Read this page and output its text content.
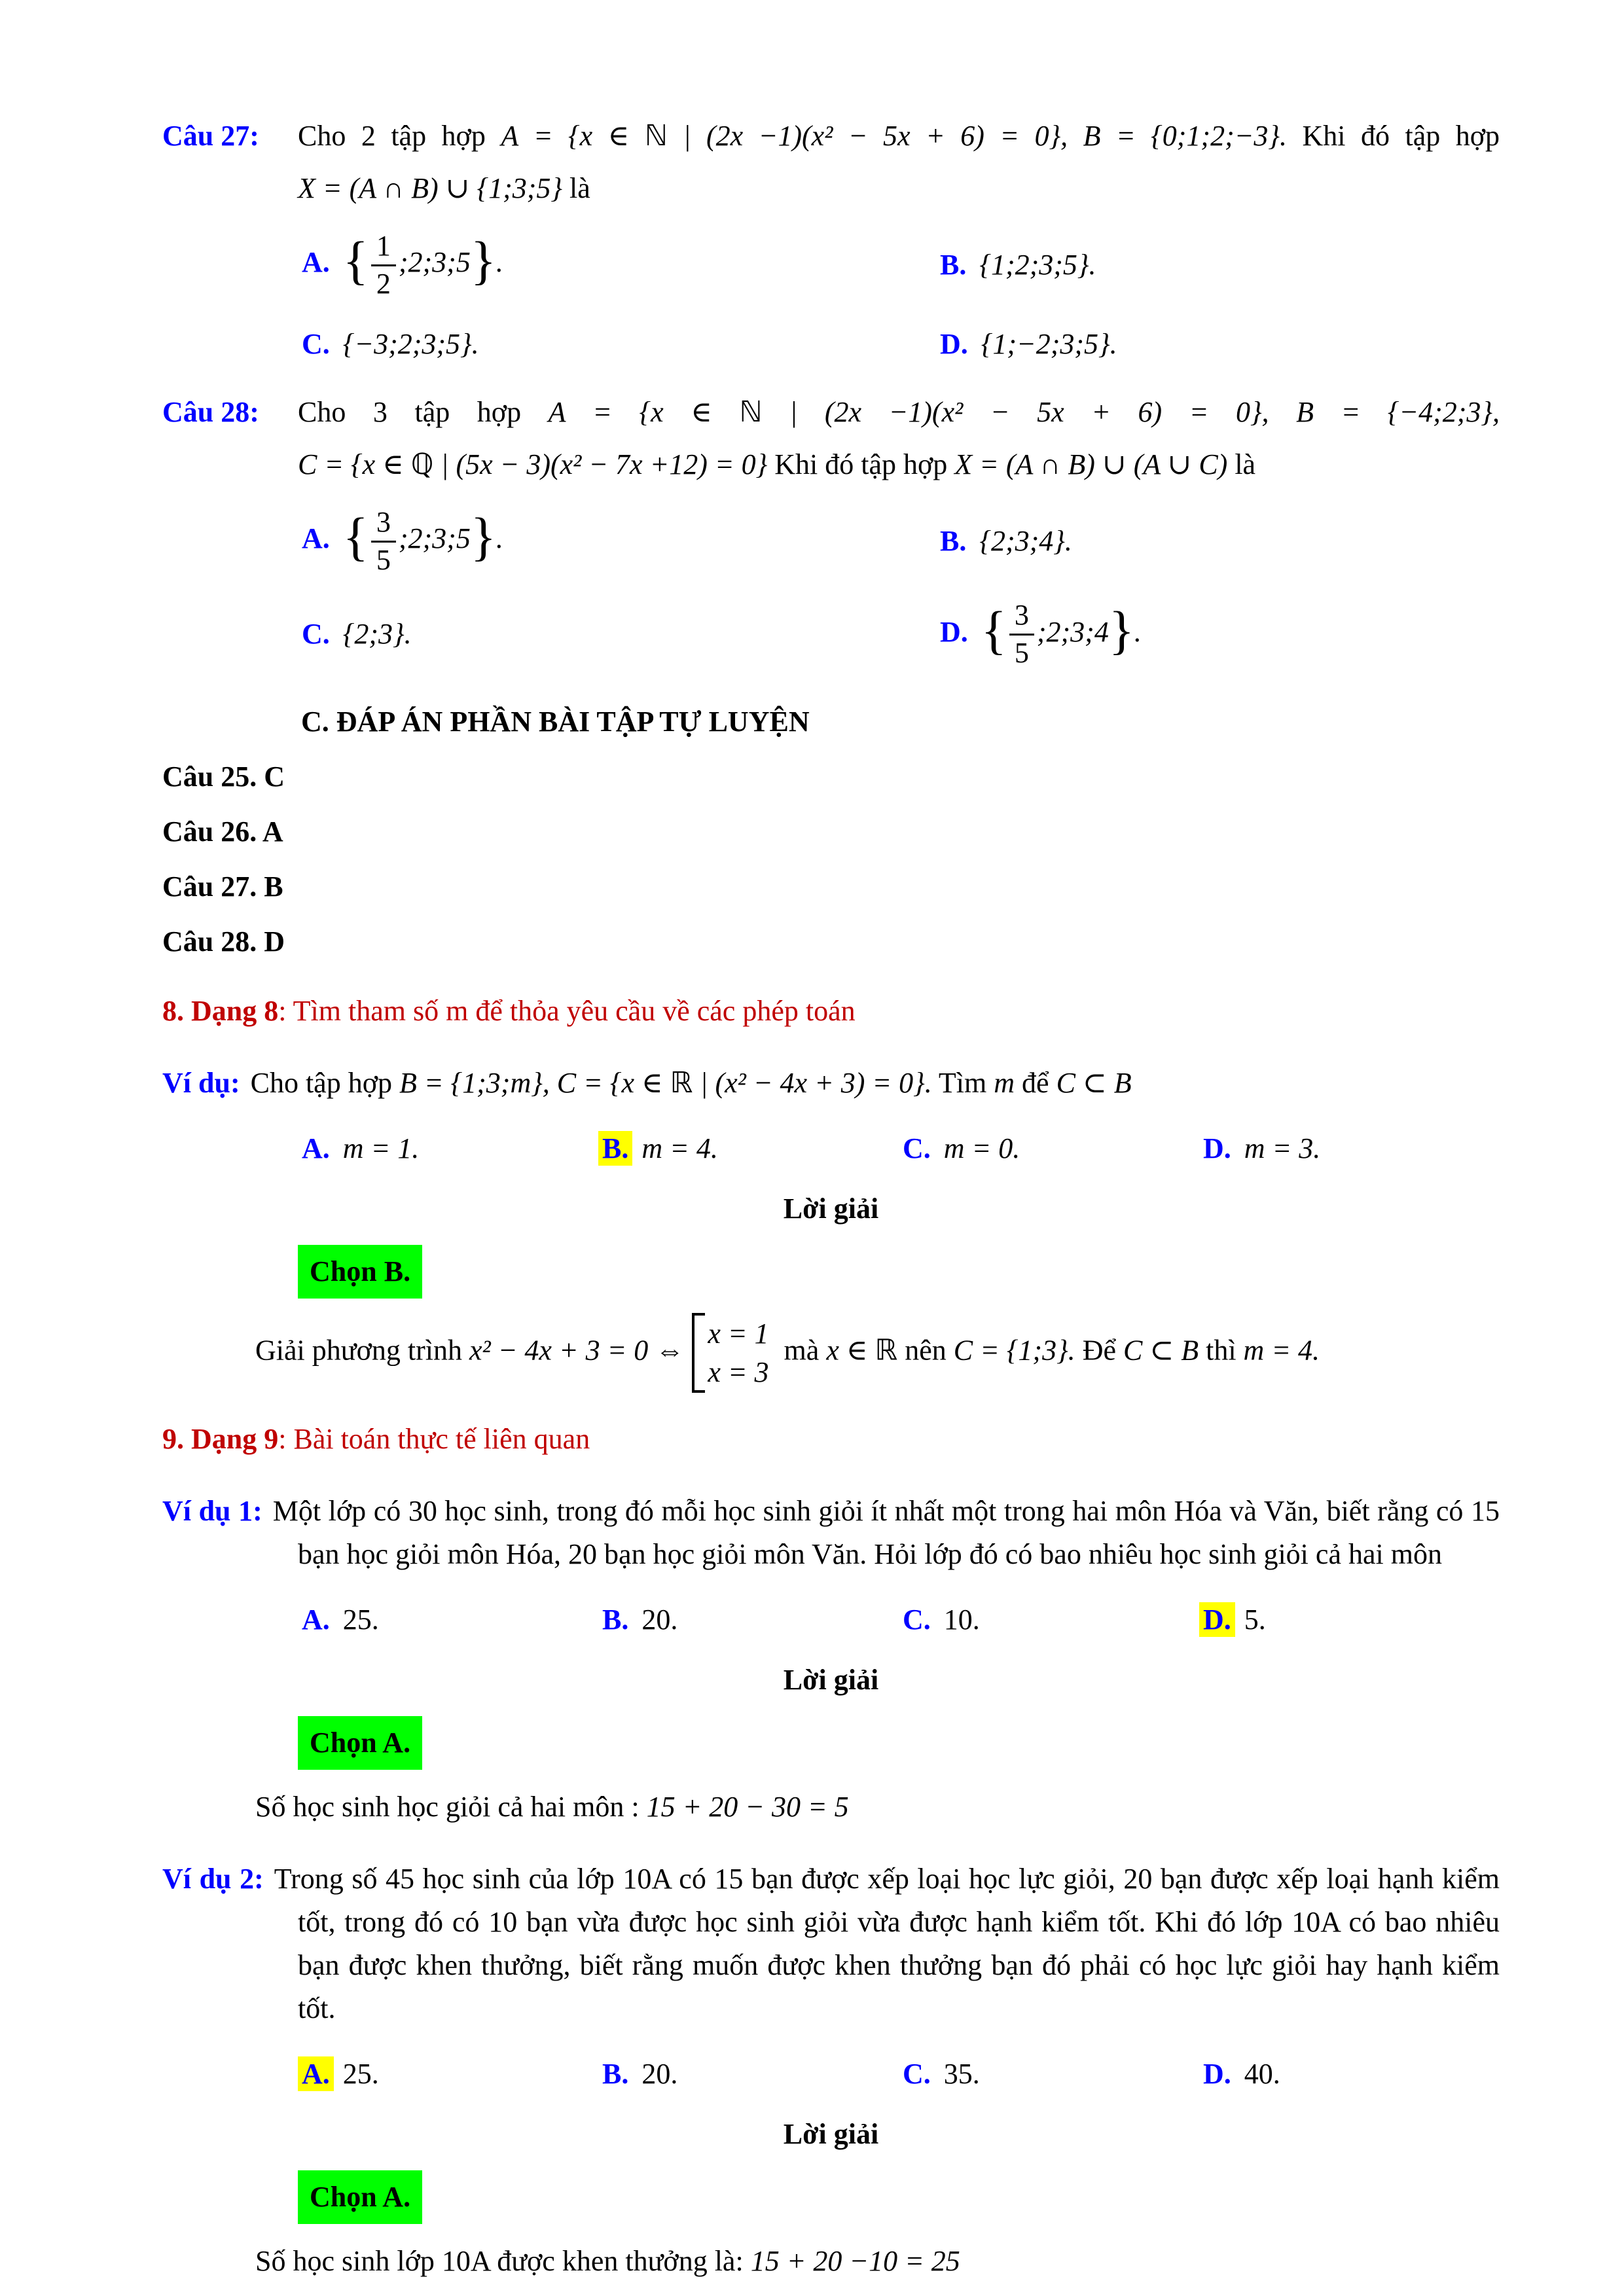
Câu 27:	Cho 2 tập hợp A = {x ∈ ℕ | (2x −1)(x² − 5x + 6) = 0}, B = {0;1;2;−3}. Khi đó tập hợp
X = (A ∩ B) ∪ {1;3;5} là
A. { $\frac{1}{2}$ ;2;3;5}.	B. {1;2;3;5}.
C. {−3;2;3;5}.	D. {1;−2;3;5}.
Câu 28:	Cho 3 tập hợp A = {x ∈ ℕ | (2x −1)(x² − 5x + 6) = 0}, B = {−4;2;3},
C = {x ∈ ℚ | (5x − 3)(x² − 7x +12) = 0} Khi đó tập hợp X = (A ∩ B) ∪ (A ∪ C) là
A. { $\frac{3}{5}$ ;2;3;5}.	B. {2;3;4}.
C. {2;3}.	D. { $\frac{3}{5}$ ;2;3;4}.
C. ĐÁP ÁN PHẦN BÀI TẬP TỰ LUYỆN
Câu 25. C
Câu 26. A
Câu 27. B
Câu 28. D
8. Dạng 8: Tìm tham số m để thỏa yêu cầu về các phép toán
Ví dụ: Cho tập hợp B = {1;3;m}, C = {x ∈ ℝ | (x² − 4x + 3) = 0}. Tìm m để C ⊂ B
A. m = 1.	B. m = 4.	C. m = 0.	D. m = 3.
Lời giải
Chọn B.
Giải phương trình x² − 4x + 3 = 0 ⇔
x = 1
x = 3
mà x ∈ ℝ nên C = {1;3}. Để C ⊂ B thì m = 4.
9. Dạng 9: Bài toán thực tế liên quan
Ví dụ 1: Một lớp có 30 học sinh, trong đó mỗi học sinh giỏi ít nhất một trong hai môn Hóa và Văn, biết rằng có 15 bạn học giỏi môn Hóa, 20 bạn học giỏi môn Văn. Hỏi lớp đó có bao nhiêu học sinh giỏi cả hai môn
A. 25.	B. 20.	C. 10.	D. 5.
Lời giải
Chọn A.
Số học sinh học giỏi cả hai môn : 15 + 20 − 30 = 5
Ví dụ 2: Trong số 45 học sinh của lớp 10A có 15 bạn được xếp loại học lực giỏi, 20 bạn được xếp loại hạnh kiểm tốt, trong đó có 10 bạn vừa được học sinh giỏi vừa được hạnh kiểm tốt. Khi đó lớp 10A có bao nhiêu bạn được khen thưởng, biết rằng muốn được khen thưởng bạn đó phải có học lực giỏi hay hạnh kiểm tốt.
A. 25.	B. 20.	C. 35.	D. 40.
Lời giải
Chọn A.
Số học sinh lớp 10A được khen thưởng là: 15 + 20 −10 = 25
